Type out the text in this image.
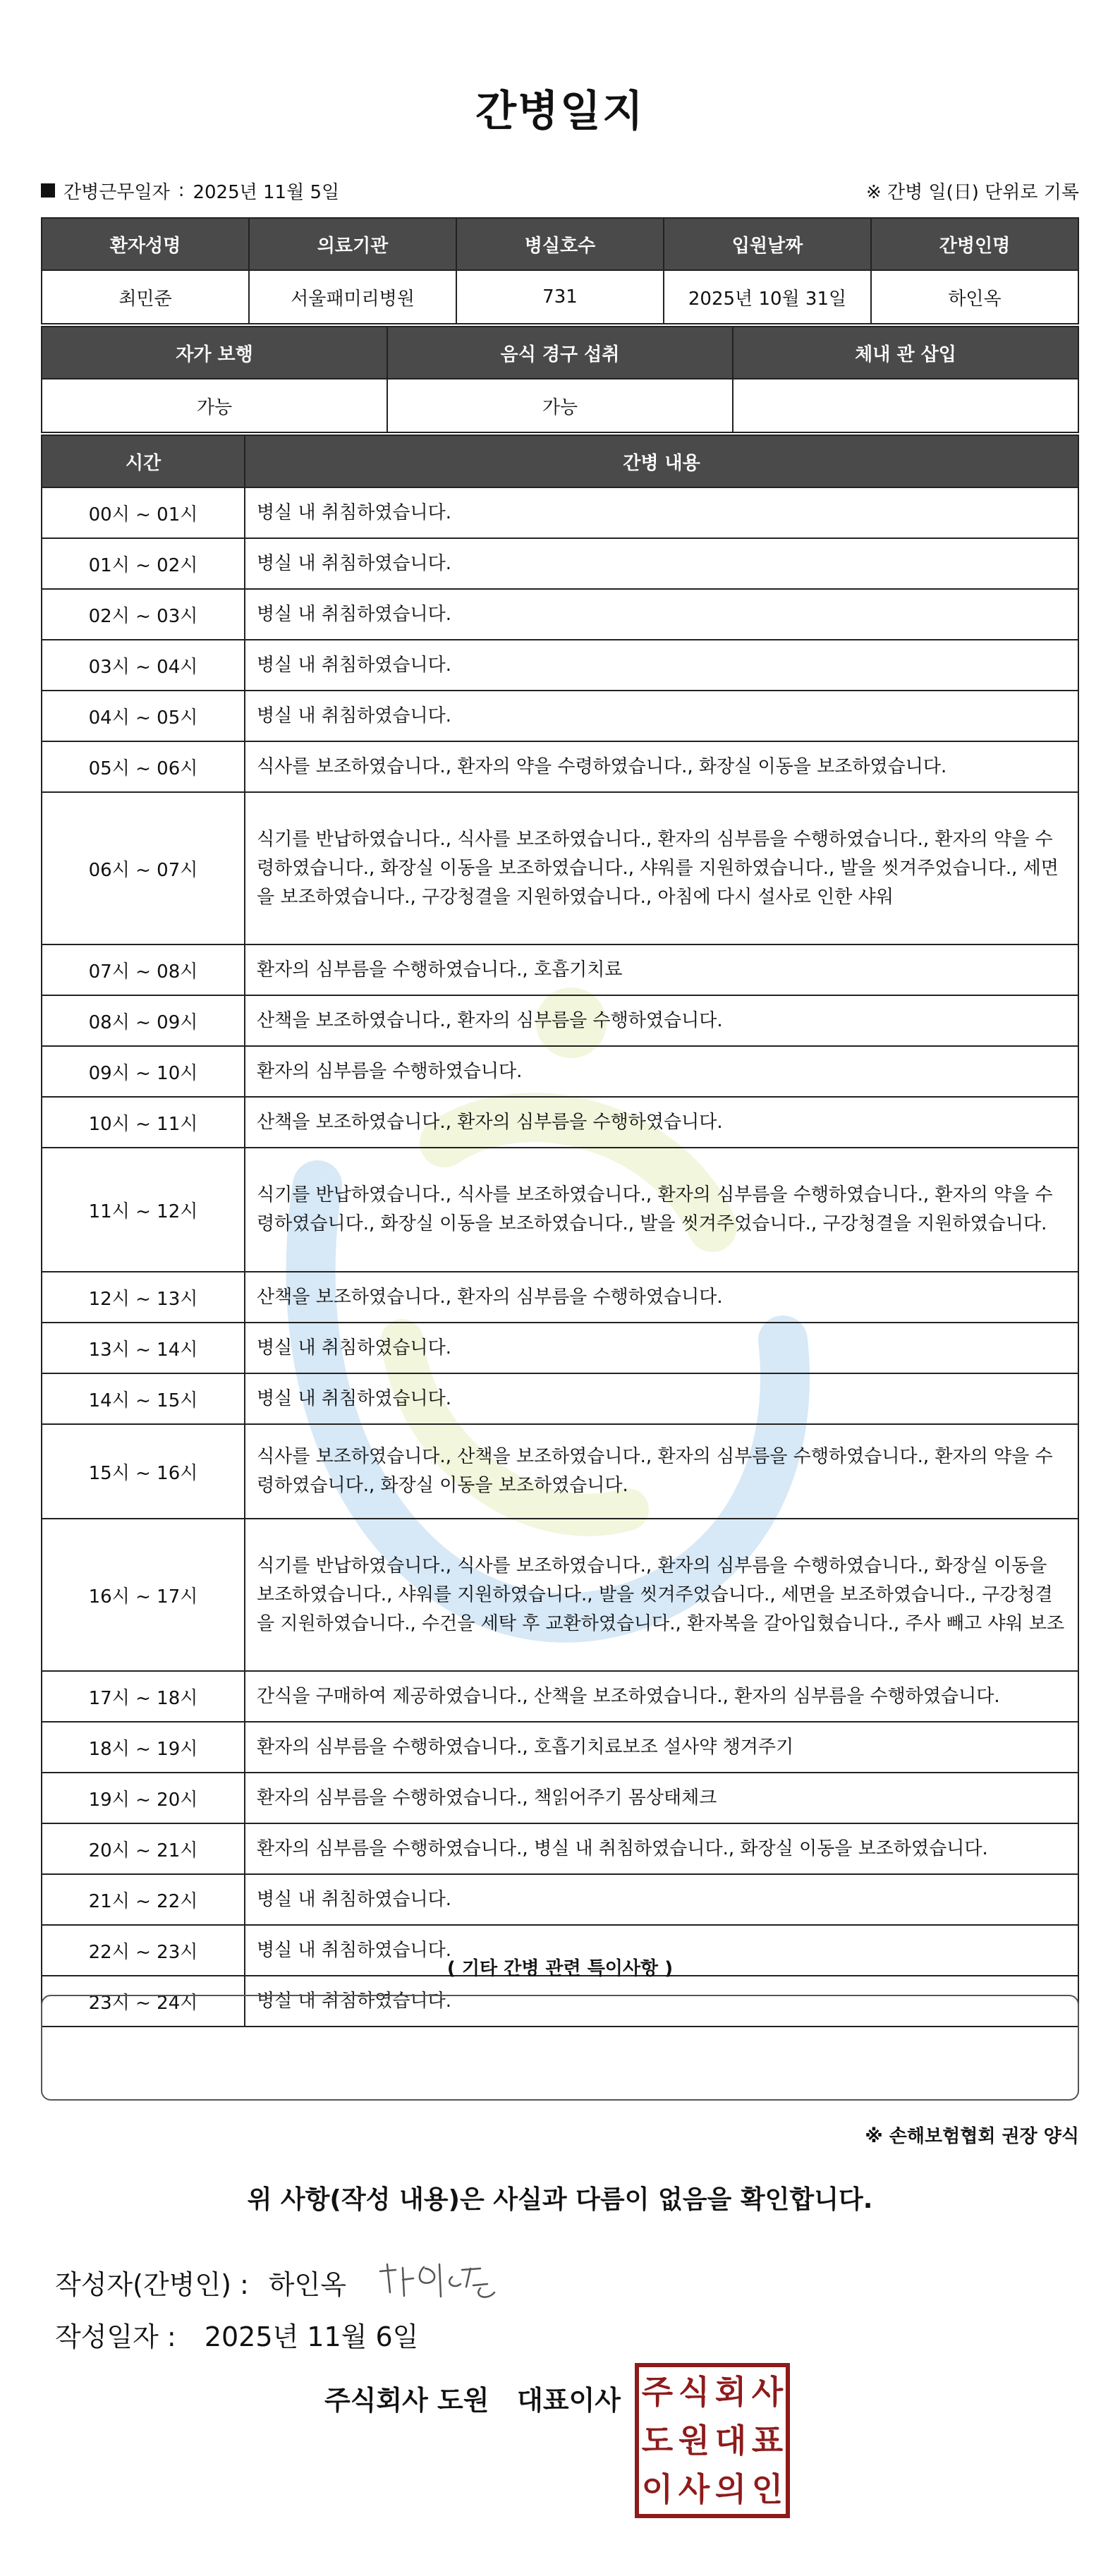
간병일지
간병근무일자 : 2025년 11월 5일	※ 간병 일(日) 단위로 기록
환자성명	의료기관	병실호수	입원날짜	간병인명
최민준	서울패미리병원	731	2025년 10월 31일	하인옥
자가 보행	음식 경구 섭취	체내 관 삽입
가능	가능	
시간	간병 내용
00시 ~ 01시	병실 내 취침하였습니다.
01시 ~ 02시	병실 내 취침하였습니다.
02시 ~ 03시	병실 내 취침하였습니다.
03시 ~ 04시	병실 내 취침하였습니다.
04시 ~ 05시	병실 내 취침하였습니다.
05시 ~ 06시	식사를 보조하였습니다., 환자의 약을 수령하였습니다., 화장실 이동을 보조하였습니다.
06시 ~ 07시	식기를 반납하였습니다., 식사를 보조하였습니다., 환자의 심부름을 수행하였습니다., 환자의 약을 수령하였습니다., 화장실 이동을 보조하였습니다., 샤워를 지원하였습니다., 발을 씻겨주었습니다., 세면을 보조하였습니다., 구강청결을 지원하였습니다., 아침에 다시 설사로 인한 샤워
07시 ~ 08시	환자의 심부름을 수행하였습니다., 호흡기치료
08시 ~ 09시	산책을 보조하였습니다., 환자의 심부름을 수행하였습니다.
09시 ~ 10시	환자의 심부름을 수행하였습니다.
10시 ~ 11시	산책을 보조하였습니다., 환자의 심부름을 수행하였습니다.
11시 ~ 12시	식기를 반납하였습니다., 식사를 보조하였습니다., 환자의 심부름을 수행하였습니다., 환자의 약을 수령하였습니다., 화장실 이동을 보조하였습니다., 발을 씻겨주었습니다., 구강청결을 지원하였습니다.
12시 ~ 13시	산책을 보조하였습니다., 환자의 심부름을 수행하였습니다.
13시 ~ 14시	병실 내 취침하였습니다.
14시 ~ 15시	병실 내 취침하였습니다.
15시 ~ 16시	식사를 보조하였습니다., 산책을 보조하였습니다., 환자의 심부름을 수행하였습니다., 환자의 약을 수령하였습니다., 화장실 이동을 보조하였습니다.
16시 ~ 17시	식기를 반납하였습니다., 식사를 보조하였습니다., 환자의 심부름을 수행하였습니다., 화장실 이동을 보조하였습니다., 샤워를 지원하였습니다., 발을 씻겨주었습니다., 세면을 보조하였습니다., 구강청결을 지원하였습니다., 수건을 세탁 후 교환하였습니다., 환자복을 갈아입혔습니다., 주사 빼고 샤워 보조
17시 ~ 18시	간식을 구매하여 제공하였습니다., 산책을 보조하였습니다., 환자의 심부름을 수행하였습니다.
18시 ~ 19시	환자의 심부름을 수행하였습니다., 호흡기치료보조 설사약 챙겨주기
19시 ~ 20시	환자의 심부름을 수행하였습니다., 책읽어주기 몸상태체크
20시 ~ 21시	환자의 심부름을 수행하였습니다., 병실 내 취침하였습니다., 화장실 이동을 보조하였습니다.
21시 ~ 22시	병실 내 취침하였습니다.
22시 ~ 23시	병실 내 취침하였습니다.
23시 ~ 24시	병실 내 취침하였습니다.
( 기타 간병 관련 특이사항 )
※ 손해보험협회 권장 양식
위 사항(작성 내용)은 사실과 다름이 없음을 확인합니다.
작성자(간병인) : 하인옥
작성일자 : 2025년 11월 6일
주식회사 도원   대표이사 주 식 회 사
도 원 대 표
이 사 의 인
